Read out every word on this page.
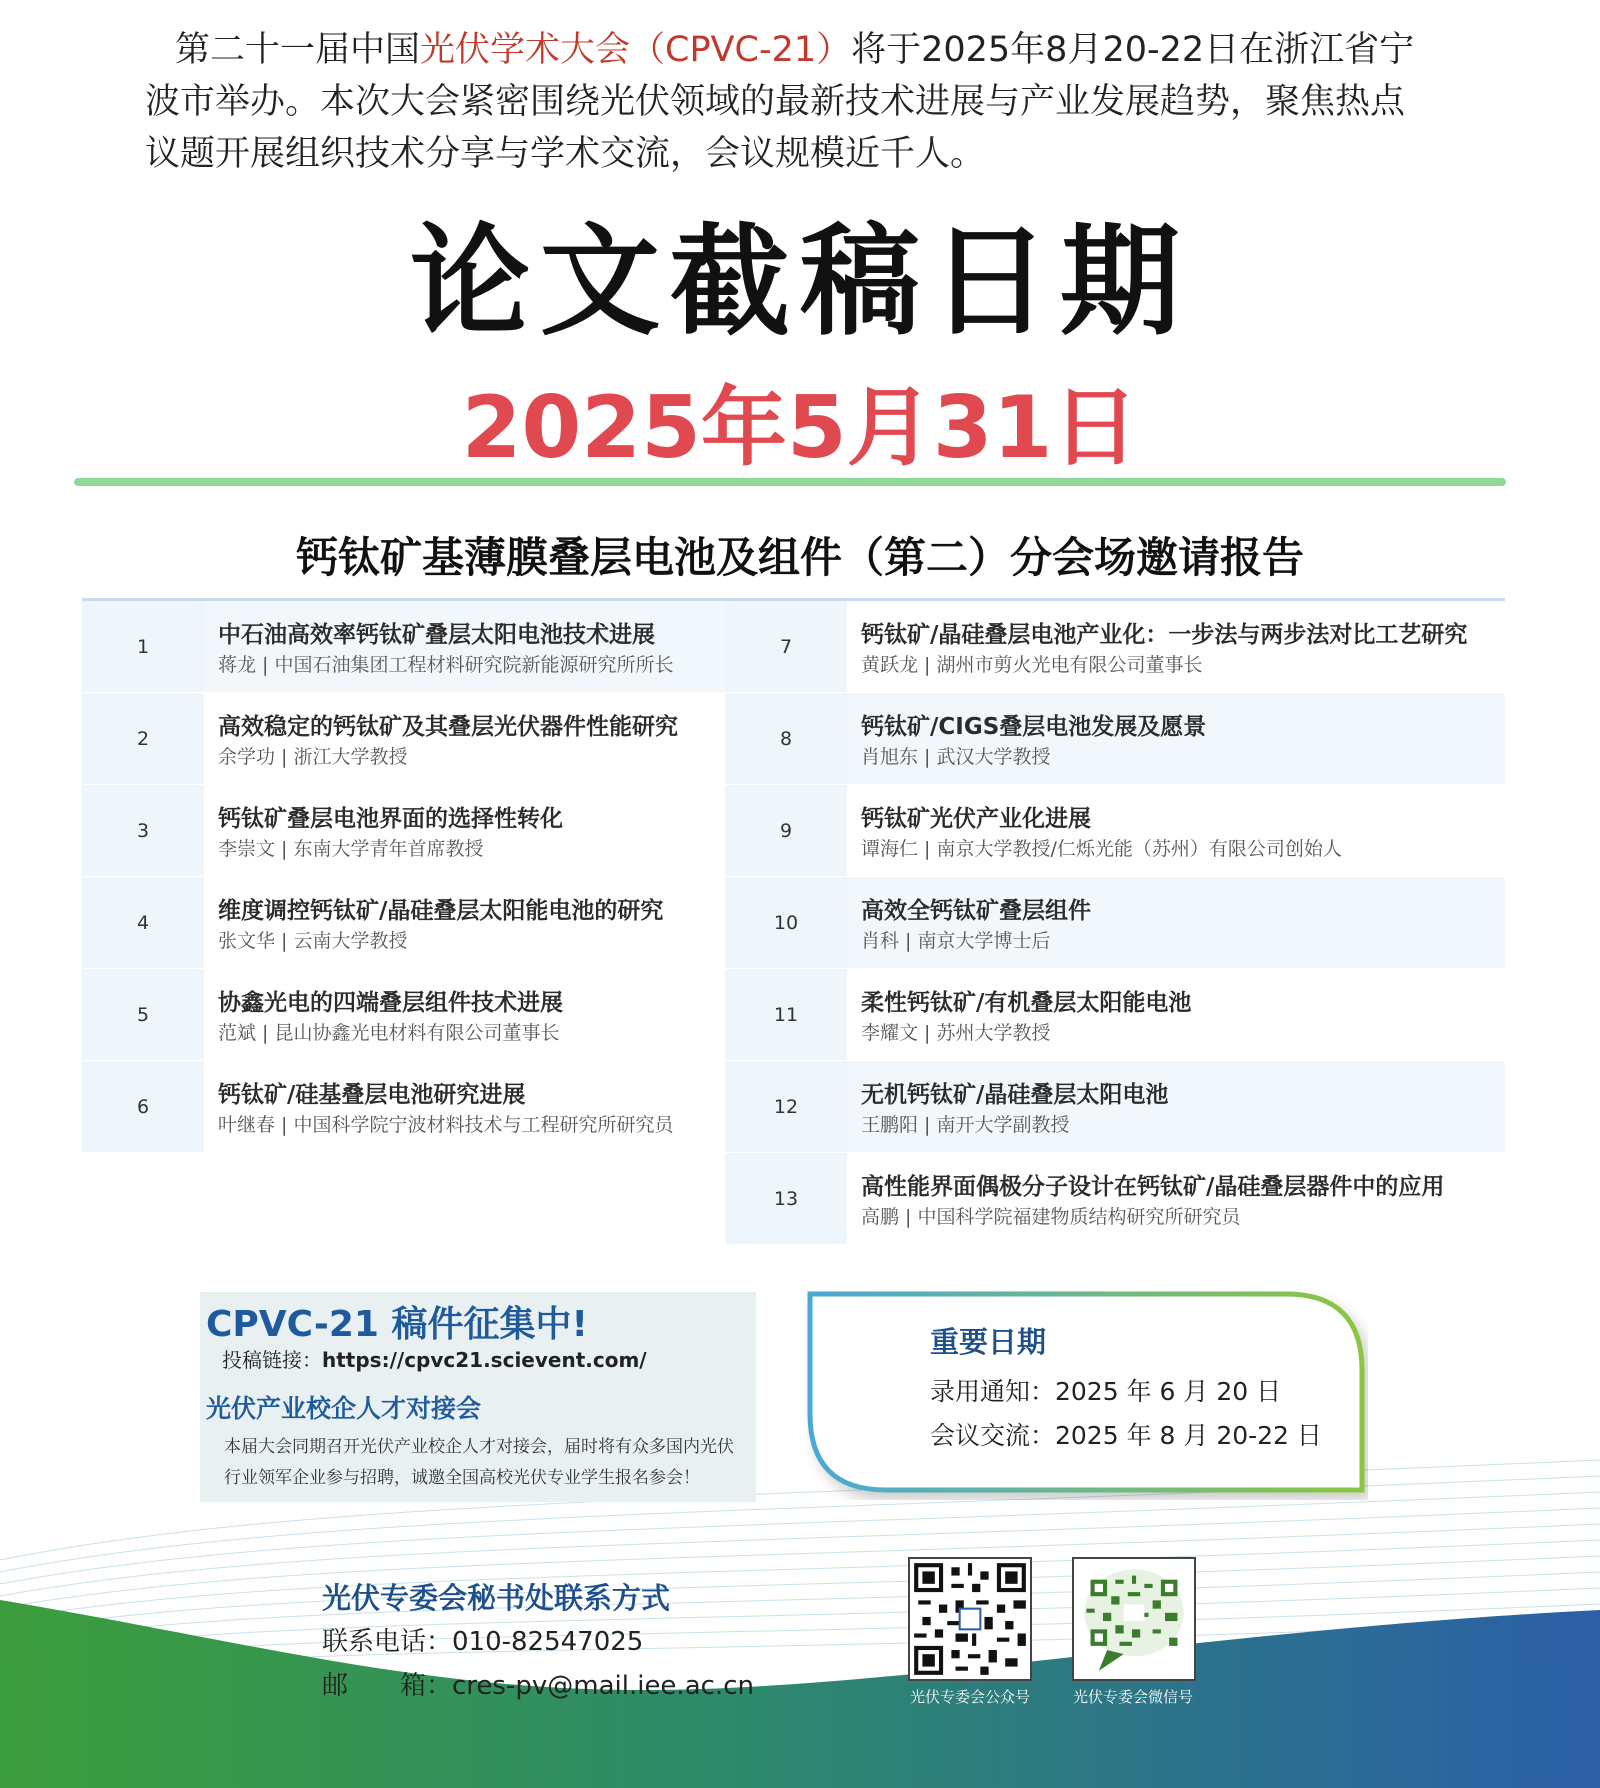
第二十一届中国光伏学术大会（CPVC-21）将于2025年8月20-22日在浙江省宁
波市举办。本次大会紧密围绕光伏领域的最新技术进展与产业发展趋势，聚焦热点
议题开展组织技术分享与学术交流，会议规模近千人。
论文截稿日期
2025年5月31日
钙钛矿基薄膜叠层电池及组件（第二）分会场邀请报告
1	中石油高效率钙钛矿叠层太阳电池技术进展
蒋龙 | 中国石油集团工程材料研究院新能源研究所所长
2	高效稳定的钙钛矿及其叠层光伏器件性能研究
余学功 | 浙江大学教授
3	钙钛矿叠层电池界面的选择性转化
李崇文 | 东南大学青年首席教授
4	维度调控钙钛矿/晶硅叠层太阳能电池的研究
张文华 | 云南大学教授
5	协鑫光电的四端叠层组件技术进展
范斌 | 昆山协鑫光电材料有限公司董事长
6	钙钛矿/硅基叠层电池研究进展
叶继春 | 中国科学院宁波材料技术与工程研究所研究员
7	钙钛矿/晶硅叠层电池产业化：一步法与两步法对比工艺研究
黄跃龙 | 湖州市剪火光电有限公司董事长
8	钙钛矿/CIGS叠层电池发展及愿景
肖旭东 | 武汉大学教授
9	钙钛矿光伏产业化进展
谭海仁 | 南京大学教授/仁烁光能（苏州）有限公司创始人
10	高效全钙钛矿叠层组件
肖科 | 南京大学博士后
11	柔性钙钛矿/有机叠层太阳能电池
李耀文 | 苏州大学教授
12	无机钙钛矿/晶硅叠层太阳电池
王鹏阳 | 南开大学副教授
13	高性能界面偶极分子设计在钙钛矿/晶硅叠层器件中的应用
高鹏 | 中国科学院福建物质结构研究所研究员
CPVC-21 稿件征集中!
投稿链接：https://cpvc21.scievent.com/
光伏产业校企人才对接会
本届大会同期召开光伏产业校企人才对接会，届时将有众多国内光伏
行业领军企业参与招聘，诚邀全国高校光伏专业学生报名参会！
重要日期
录用通知：2025 年 6 月 20 日
会议交流：2025 年 8 月 20-22 日
光伏专委会秘书处联系方式
联系电话：010-82547025
邮　　箱：cres-pv@mail.iee.ac.cn	光伏专委会公众号	光伏专委会微信号
